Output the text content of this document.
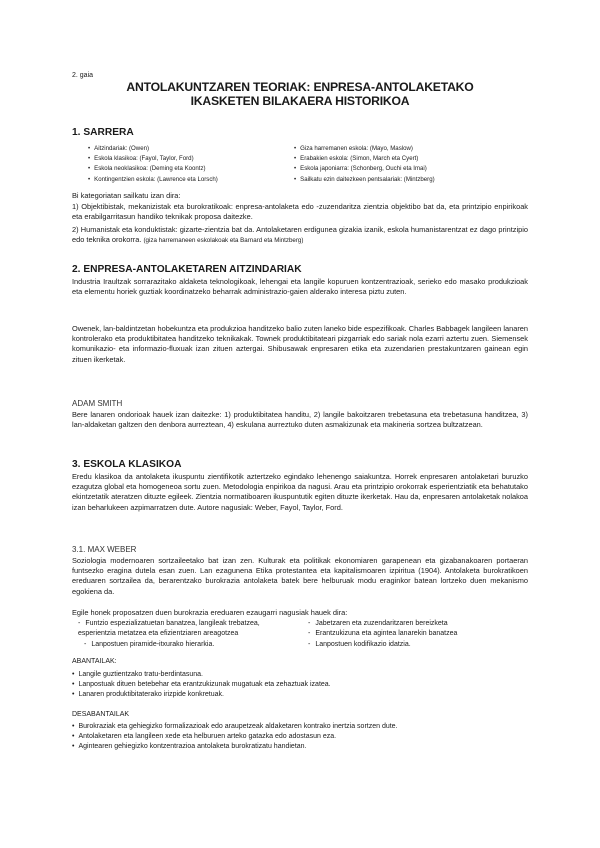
2. gaia
ANTOLAKUNTZAREN TEORIAK: ENPRESA-ANTOLAKETAKO
IKASKETEN BILAKAERA HISTORIKOA
1. SARRERA
• Aitzindariak: (Owen)
• Eskola klasikoa: (Fayol, Taylor, Ford)
• Eskola neoklasikoa: (Deming eta Koontz)
• Kontingentzien eskola: (Lawrence eta Lorsch)
• Giza harremanen eskola: (Mayo, Maslow)
• Erabakien eskola: (Simon, March eta Cyert)
• Eskola japoniarra: (Schonberg, Ouchi eta Imai)
• Sailkatu ezin daitezkeen pentsalariak: (Mintzberg)

Bi kategoriatan sailkatu izan dira:

1) Objektibistak, mekanizistak eta burokratikoak: enpresa-antolaketa edo -zuzendaritza zientzia objektibo bat da, eta printzipio enpirikoak eta erabilgarritasun handiko teknikak proposa daitezke.

2) Humanistak eta konduktistak: gizarte-zientzia bat da. Antolaketaren erdigunea gizakia izanik, eskola humanistarentzat ez dago printzipio edo teknika orokorra. (giza harremaneen eskolakoak eta Barnard eta Mintzberg)

2. ENPRESA-ANTOLAKETAREN AITZINDARIAK

Industria Iraultzak sorrarazitako aldaketa teknologikoak, lehengai eta langile kopuruen kontzentrazioak, serieko edo masako produkzioak eta elementu horiek guztiak koordinatzeko beharrak administrazio-gaien alderako interesa piztu zuten.

Owenek, lan-baldintzetan hobekuntza eta produkzioa handitzeko balio zuten laneko bide espezifikoak. Charles Babbagek langileen lanaren kontrolerako eta produktibitatea handitzeko teknikakak. Townek produktibitateari pizgarriak edo sariak nola ezarri aztertu zuen. Siemensek komunikazio- eta informazio-fluxuak izan zituen aztergai. Shibusawak enpresaren etika eta zuzendarien prestakuntzaren gainean egin zituen ikerketak.

ADAM SMITH

Bere lanaren ondorioak hauek izan daitezke: 1) produktibitatea handitu, 2) langile bakoitzaren trebetasuna eta trebetasuna handitzea, 3) lan-aldaketan galtzen den denbora aurreztean, 4) eskulana aurreztuko duten asmakizunak eta makineria sortzea bultzatzean.

3. ESKOLA KLASIKOA

Eredu klasikoa da antolaketa ikuspuntu zientifikotik aztertzeko egindako lehenengo saiakuntza. Horrek enpresaren antolaketari buruzko ezagutza global eta homogeneoa sortu zuen. Metodologia enpirikoa da nagusi. Arau eta printzipio orokorrak esperientziatik eta behatutako ekintzetatik ateratzen dituzte egileek. Zientzia normatiboaren ikuspuntutik egiten dituzte ikerketak. Hau da, enpresaren antolaketak nolakoa izan beharlukeen azpimarratzen dute. Autore nagusiak: Weber, Fayol, Taylor, Ford.

3.1. MAX WEBER

Soziologia modernoaren sortzaileetako bat izan zen. Kulturak eta politikak ekonomiaren garapenean eta gizabanakoaren portaeran funtsezko eragina dutela esan zuen. Lan ezagunena Etika protestantea eta kapitalismoaren izpiritua (1904). Antolaketa burokratikoen ereduaren sortzailea da, berarentzako burokrazia antolaketa batek bere helburuak modu eraginkor batean lortzeko duen mekanismo egokiena da.

Egile honek proposatzen duen burokrazia ereduaren ezaugarri nagusiak hauek dira:

- Funtzio espezializatuetan banatzea, langileak trebatzea,	- Jabetzaren eta zuzendaritzaren bereizketa
esperientzia metatzea eta efizientziaren areagotzea	- Erantzukizuna eta agintea lanarekin banatzea
- Lanpostuen piramide-itxurako hierarkia.	- Lanpostuen kodifikazio idatzia.
ABANTAILAK:
• Langile guztientzako tratu-berdintasuna.
• Lanpostuak dituen betebehar eta erantzukizunak mugatuak eta zehaztuak izatea.
• Lanaren produktibitaterako irizpide konkretuak.
DESABANTAILAK
• Burokraziak eta gehiegizko formalizazioak edo araupetzeak aldaketaren kontrako inertzia sortzen dute.
• Antolaketaren eta langileen xede eta helburuen arteko gatazka edo adostasun eza.
• Agintearen gehiegizko kontzentrazioa antolaketa burokratizatu handietan.
